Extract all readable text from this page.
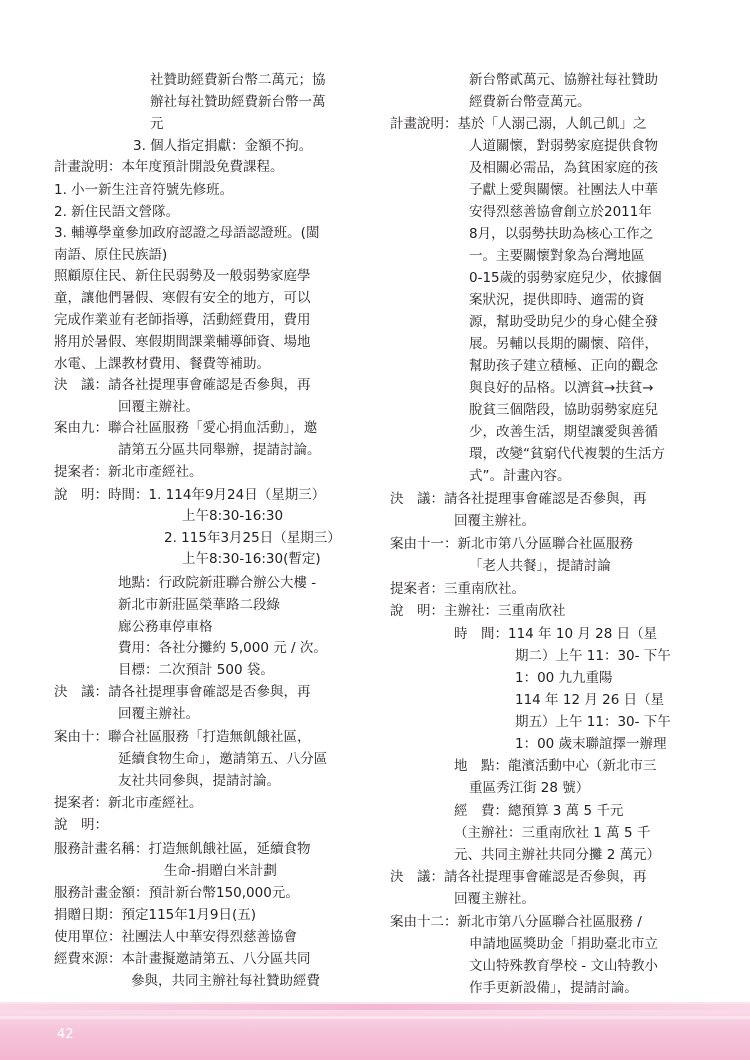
社贊助經費新台幣二萬元；協
辦社每社贊助經費新台幣一萬
元
3. 個人指定捐獻：金額不拘。
計畫說明：本年度預計開設免費課程。
1. 小一新生注音符號先修班。
2. 新住民語文營隊。
3. 輔導學童參加政府認證之母語認證班。(閩
南語、原住民族語)
照顧原住民、新住民弱勢及一般弱勢家庭學
童，讓他們暑假、寒假有安全的地方，可以
完成作業並有老師指導，活動經費用，費用
將用於暑假、寒假期間課業輔導師資、場地
水電、上課教材費用、餐費等補助。
決　議：請各社提理事會確認是否參與，再
回覆主辦社。
案由九：聯合社區服務「愛心捐血活動」，邀
請第五分區共同舉辦，提請討論。
提案者：新北市產經社。
說　明：時間：1. 114年9月24日（星期三）
上午8:30-16:30
2. 115年3月25日（星期三）
上午8:30-16:30(暫定)
地點：行政院新莊聯合辦公大樓 -
新北市新莊區榮華路二段綠
廊公務車停車格
費用：各社分攤約 5,000 元 / 次。
目標：二次預計 500 袋。
決　議：請各社提理事會確認是否參與，再
回覆主辦社。
案由十：聯合社區服務「打造無飢餓社區，
延續食物生命」，邀請第五、八分區
友社共同參與，提請討論。
提案者：新北市產經社。
說　明：
服務計畫名稱：打造無飢餓社區，延續食物
生命-捐贈白米計劃
服務計畫金額：預計新台幣150,000元。
捐贈日期：預定115年1月9日(五)
使用單位：社團法人中華安得烈慈善協會
經費來源：本計畫擬邀請第五、八分區共同
參與，共同主辦社每社贊助經費
新台幣貳萬元、協辦社每社贊助
經費新台幣壹萬元。
計畫說明：基於「人溺己溺，人飢己飢」之
人道關懷，對弱勢家庭提供食物
及相關必需品，為貧困家庭的孩
子獻上愛與關懷。社團法人中華
安得烈慈善協會創立於2011年
8月，以弱勢扶助為核心工作之
一。主要關懷對象為台灣地區
0-15歲的弱勢家庭兒少，依據個
案狀況，提供即時、適需的資
源，幫助受助兒少的身心健全發
展。另輔以長期的關懷、陪伴，
幫助孩子建立積極、正向的觀念
與良好的品格。以濟貧→扶貧→
脫貧三個階段，協助弱勢家庭兒
少，改善生活，期望讓愛與善循
環，改變“貧窮代代複製的生活方
式”。計畫內容。
決　議：請各社提理事會確認是否參與，再
回覆主辦社。
案由十一：新北市第八分區聯合社區服務
「老人共餐」，提請討論
提案者：三重南欣社。
說　明：主辦社：三重南欣社
時　間：114 年 10 月 28 日（星
期二）上午 11：30- 下午
1：00 九九重陽
114 年 12 月 26 日（星
期五）上午 11：30- 下午
1：00 歲末聯誼擇一辦理
地　點：龍濱活動中心（新北市三
重區秀江街 28 號）
經　費：總預算 3 萬 5 千元
（主辦社：三重南欣社 1 萬 5 千
元、共同主辦社共同分攤 2 萬元）
決　議：請各社提理事會確認是否參與，再
回覆主辦社。
案由十二：新北市第八分區聯合社區服務 /
申請地區獎助金「捐助臺北市立
文山特殊教育學校 - 文山特教小
作手更新設備」，提請討論。
42
